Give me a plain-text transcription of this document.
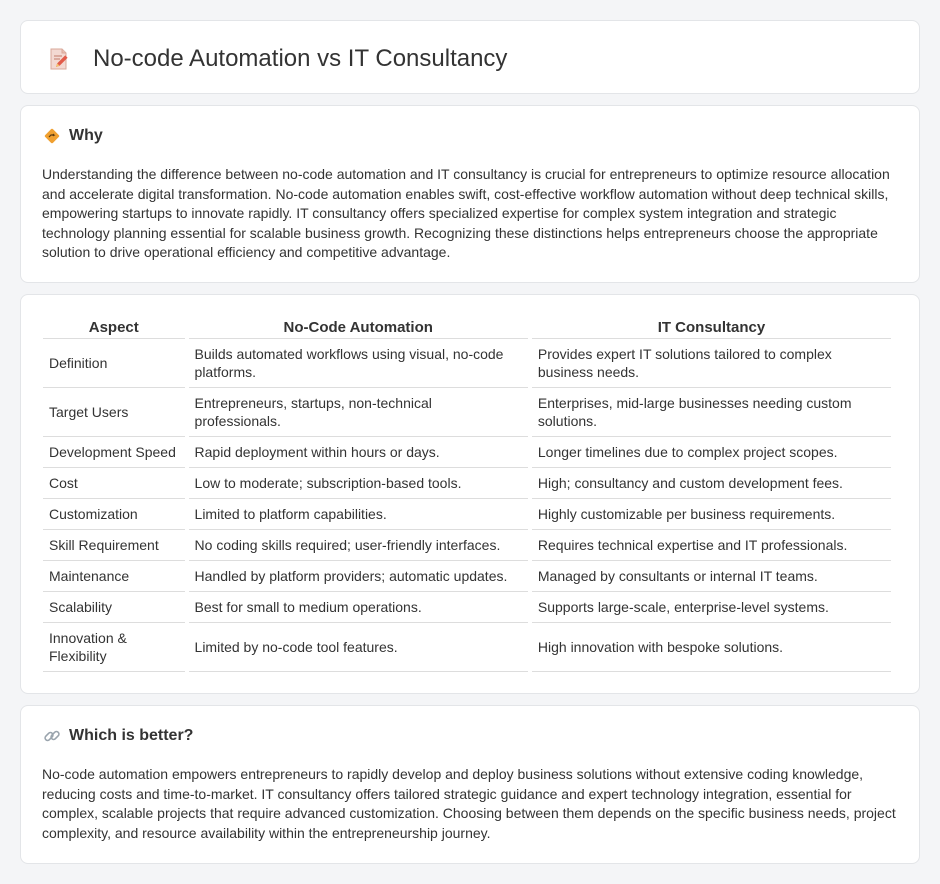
No-code Automation vs IT Consultancy
Why

Understanding the difference between no-code automation and IT consultancy is crucial for entrepreneurs to optimize resource allocation and accelerate digital transformation. No-code automation enables swift, cost-effective workflow automation without deep technical skills, empowering startups to innovate rapidly. IT consultancy offers specialized expertise for complex system integration and strategic technology planning essential for scalable business growth. Recognizing these distinctions helps entrepreneurs choose the appropriate solution to drive operational efficiency and competitive advantage.

Aspect	No-Code Automation	IT Consultancy
Definition	Builds automated workflows using visual, no-code platforms.	Provides expert IT solutions tailored to complex business needs.
Target Users	Entrepreneurs, startups, non-technical professionals.	Enterprises, mid-large businesses needing custom solutions.
Development Speed	Rapid deployment within hours or days.	Longer timelines due to complex project scopes.
Cost	Low to moderate; subscription-based tools.	High; consultancy and custom development fees.
Customization	Limited to platform capabilities.	Highly customizable per business requirements.
Skill Requirement	No coding skills required; user-friendly interfaces.	Requires technical expertise and IT professionals.
Maintenance	Handled by platform providers; automatic updates.	Managed by consultants or internal IT teams.
Scalability	Best for small to medium operations.	Supports large-scale, enterprise-level systems.
Innovation & Flexibility	Limited by no-code tool features.	High innovation with bespoke solutions.
Which is better?

No-code automation empowers entrepreneurs to rapidly develop and deploy business solutions without extensive coding knowledge, reducing costs and time-to-market. IT consultancy offers tailored strategic guidance and expert technology integration, essential for complex, scalable projects that require advanced customization. Choosing between them depends on the specific business needs, project complexity, and resource availability within the entrepreneurship journey.
